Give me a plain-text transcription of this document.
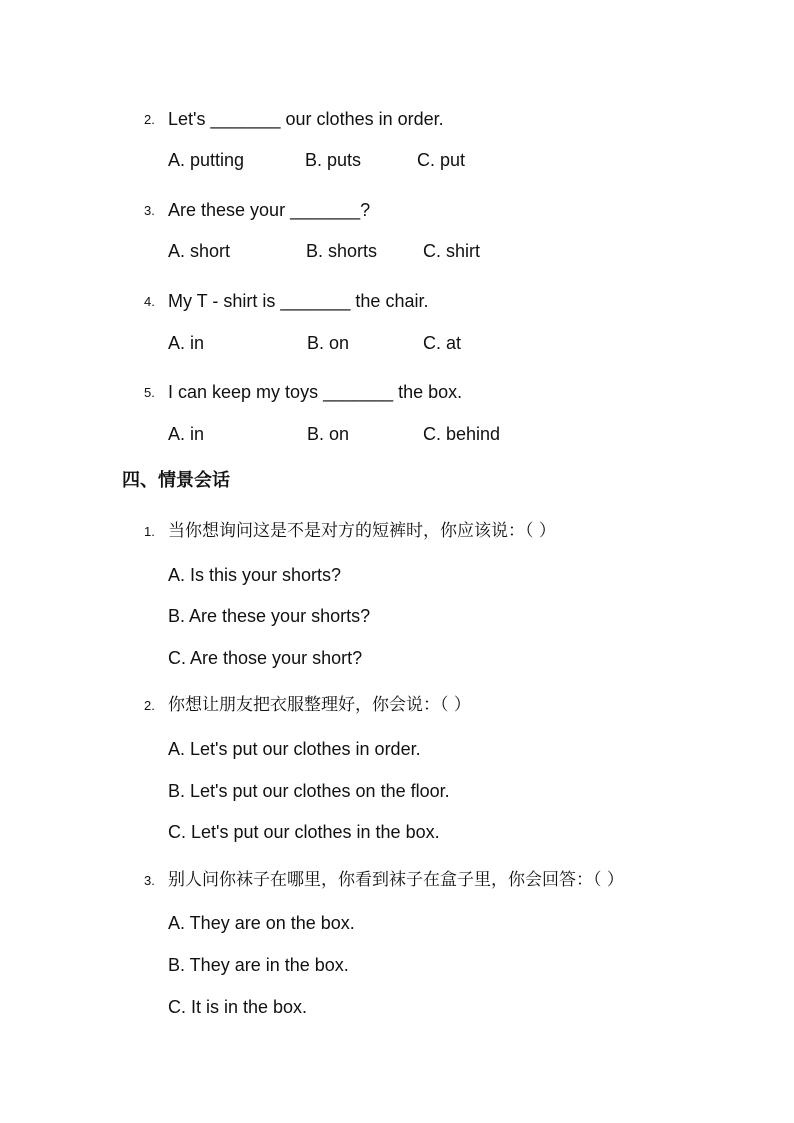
2. Let's _______ our clothes in order.
A. putting	B. puts	C. put
3. Are these your _______?
A. short	B. shorts	C. shirt
4. My T - shirt is _______ the chair.
A. in	B. on	C. at
5. I can keep my toys _______ the box.
A. in	B. on	C. behind
四、情景会话
1. 当你想询问这是不是对方的短裤时，你应该说：（ ）
A. Is this your shorts?
B. Are these your shorts?
C. Are those your short?
2. 你想让朋友把衣服整理好，你会说：（ ）
A. Let's put our clothes in order.
B. Let's put our clothes on the floor.
C. Let's put our clothes in the box.
3. 别人问你袜子在哪里，你看到袜子在盒子里，你会回答：（ ）
A. They are on the box.
B. They are in the box.
C. It is in the box.
